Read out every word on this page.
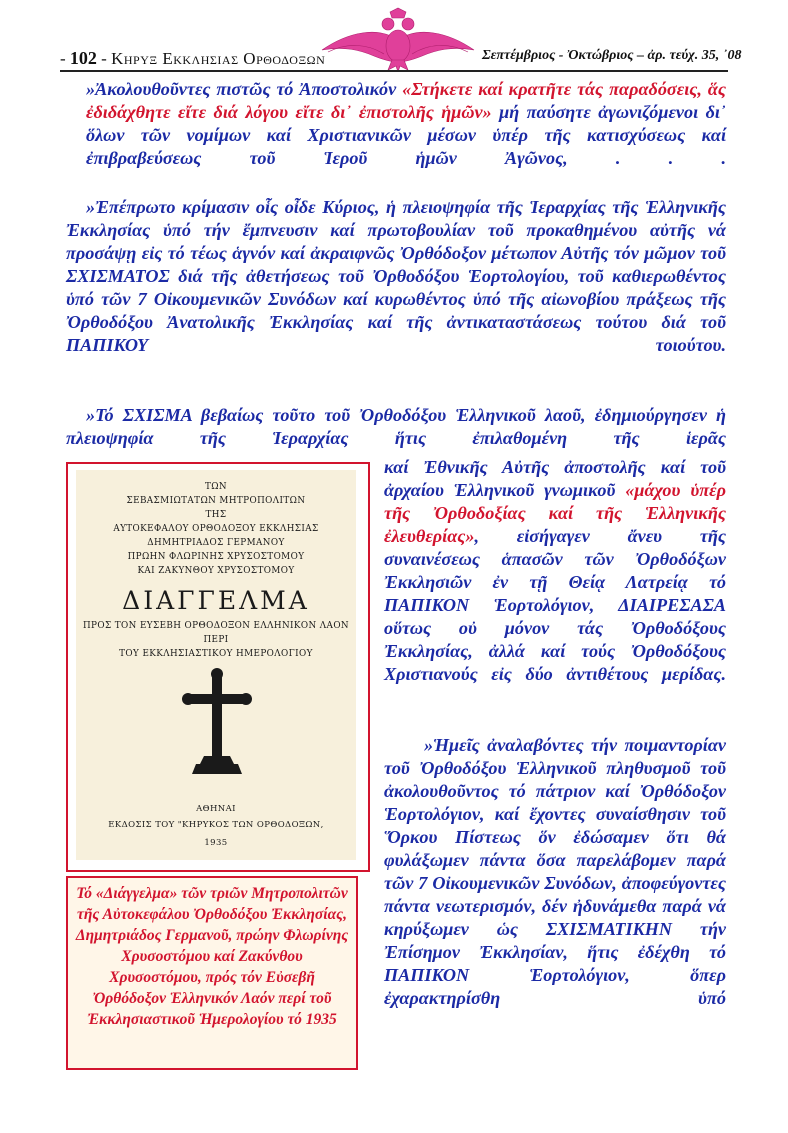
- 102 - Κηρυξ Εκκλησιασ Ορθοδοξων	Σεπτέμβριος - Ὀκτώβριος – ἀρ. τεύχ. 35, ᾿08

»Ἀκολουθοῦντες πιστῶς τό Ἀποστολικόν «Στήκετε καί κρατῆτε τάς παραδόσεις, ἅς ἐδιδάχθητε εἴτε διά λόγου εἴτε δι᾿ ἐπιστολῆς ἡμῶν» μή παύσητε ἀγωνιζόμενοι δι᾿ ὅλων τῶν νομίμων καί Χριστιανικῶν μέσων ὑπέρ τῆς κατισχύσεως καί ἐπιβραβεύσεως τοῦ Ἱεροῦ ἡμῶν Ἀγῶνος, . . .

»Ἐπέπρωτο κρίμασιν οἷς οἶδε Κύριος, ἡ πλειοψηφία τῆς Ἱεραρχίας τῆς Ἑλληνικῆς Ἐκκλησίας ὑπό τήν ἔμπνευσιν καί πρωτοβουλίαν τοῦ προκαθημένου αὐτῆς νά προσάψῃ εἰς τό τέως ἁγνόν καί ἀκραιφνῶς Ὀρθόδοξον μέτωπον Αὐτῆς τόν μῶμον τοῦ ΣΧΙΣΜΑΤΟΣ διά τῆς ἀθετήσεως τοῦ Ὀρθοδόξου Ἑορτολογίου, τοῦ καθιερωθέντος ὑπό τῶν 7 Οἰκουμενικῶν Συνόδων καί κυρωθέντος ὑπό τῆς αἰωνοβίου πράξεως τῆς Ὀρθοδόξου Ἀνατολικῆς Ἐκκλησίας καί τῆς ἀντικαταστάσεως τούτου διά τοῦ ΠΑΠΙΚΟΥ τοιούτου.

»Τό ΣΧΙΣΜΑ βεβαίως τοῦτο τοῦ Ὀρθοδόξου Ἑλληνικοῦ λαοῦ, ἐδημιούργησεν ἡ πλειοψηφία τῆς Ἱεραρχίας ἥτις ἐπιλαθομένη τῆς ἱερᾶς

καί Ἐθνικῆς Αὐτῆς ἀποστολῆς καί τοῦ ἀρχαίου Ἑλληνικοῦ γνωμικοῦ «μάχου ὑπέρ τῆς Ὀρθοδοξίας καί τῆς Ἑλληνικῆς ἐλευθερίας», εἰσήγαγεν ἄνευ τῆς συναινέσεως ἁπασῶν τῶν Ὀρθοδόξων Ἐκκλησιῶν ἐν τῇ Θείᾳ Λατρείᾳ τό ΠΑΠΙΚΟΝ Ἑορτολόγιον, ΔΙΑΙΡΕΣΑΣΑ οὕτως οὐ μόνον τάς Ὀρθοδόξους Ἐκκλησίας, ἀλλά καί τούς Ὀρθοδόξους Χριστιανούς εἰς δύο ἀντιθέτους μερίδας.

»Ἡμεῖς ἀναλαβόντες τήν ποιμαντορίαν τοῦ Ὀρθοδόξου Ἑλληνικοῦ πληθυσμοῦ τοῦ ἀκολουθοῦντος τό πάτριον καί Ὀρθόδοξον Ἑορτολόγιον, καί ἔχοντες συναίσθησιν τοῦ Ὅρκου Πίστεως ὅν ἐδώσαμεν ὅτι θά φυλάξωμεν πάντα ὅσα παρελάβομεν παρά τῶν 7 Οἰκουμενικῶν Συνόδων, ἀποφεύγοντες πάντα νεωτερισμόν, δέν ἠδυνάμεθα παρά νά κηρύξωμεν ὡς ΣΧΙΣΜΑΤΙΚΗΝ τήν Ἐπίσημον Ἐκκλησίαν, ἥτις ἐδέχθη τό ΠΑΠΙΚΟΝ Ἑορτολόγιον, ὅπερ ἐχαρακτηρίσθη ὑπό

ΤΩΝ
ΣΕΒΑΣΜΙΩΤΑΤΩΝ ΜΗΤΡΟΠΟΛΙΤΩΝ
ΤΗΣ
ΑΥΤΟΚΕΦΑΛΟΥ ΟΡΘΟΔΟΞΟΥ ΕΚΚΛΗΣΙΑΣ
ΔΗΜΗΤΡΙΑΔΟΣ ΓΕΡΜΑΝΟΥ
ΠΡΩΗΝ ΦΛΩΡΙΝΗΣ ΧΡΥΣΟΣΤΟΜΟΥ
ΚΑΙ ΖΑΚΥΝΘΟΥ ΧΡΥΣΟΣΤΟΜΟΥ
ΔΙΑΓΓΕΛΜΑ
ΠΡΟΣ ΤΟΝ ΕΥΣΕΒΗ ΟΡΘΟΔΟΞΟΝ ΕΛΛΗΝΙΚΟΝ ΛΑΟΝ
ΠΕΡΙ
ΤΟΥ ΕΚΚΛΗΣΙΑΣΤΙΚΟΥ ΗΜΕΡΟΛΟΓΙΟΥ
ΑΘΗΝΑΙ
ΕΚΔΟΣΙΣ ΤΟΥ "ΚΗΡΥΚΟΣ ΤΩΝ ΟΡΘΟΔΟΞΩΝ,
1935

Τό «Διάγγελμα» τῶν τριῶν Μητροπολιτῶν τῆς Αὐτοκεφάλου Ὀρθοδόξου Ἐκκλησίας, Δημητριάδος Γερμανοῦ, πρώην Φλωρίνης Χρυσοστόμου καί Ζακύνθου Χρυσοστόμου, πρός τόν Εὐσεβῆ Ὀρθόδοξον Ἑλληνικόν Λαόν περί τοῦ Ἐκκλησιαστικοῦ Ἡμερολογίου τό 1935
